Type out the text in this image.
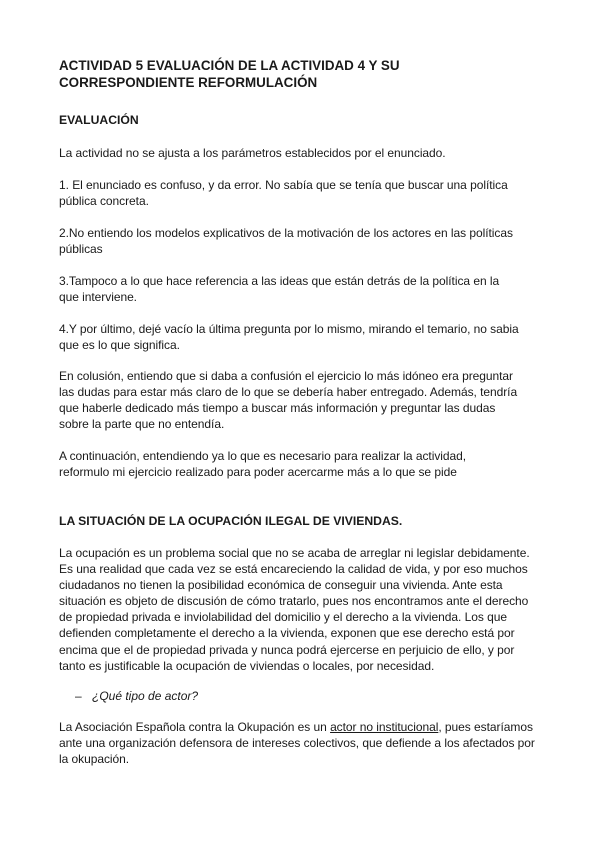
ACTIVIDAD 5 EVALUACIÓN DE LA ACTIVIDAD 4 Y SU
CORRESPONDIENTE REFORMULACIÓN
EVALUACIÓN

La actividad no se ajusta a los parámetros establecidos por el enunciado.

1. El enunciado es confuso, y da error. No sabía que se tenía que buscar una política
pública concreta.

2.No entiendo los modelos explicativos de la motivación de los actores en las políticas
públicas

3.Tampoco a lo que hace referencia a las ideas que están detrás de la política en la
que interviene.

4.Y por último, dejé vacío la última pregunta por lo mismo, mirando el temario, no sabia
que es lo que significa.

En colusión, entiendo que si daba a confusión el ejercicio lo más idóneo era preguntar
las dudas para estar más claro de lo que se debería haber entregado. Además, tendría
que haberle dedicado más tiempo a buscar más información y preguntar las dudas
sobre la parte que no entendía.

A continuación, entendiendo ya lo que es necesario para realizar la actividad,
reformulo mi ejercicio realizado para poder acercarme más a lo que se pide

LA SITUACIÓN DE LA OCUPACIÓN ILEGAL DE VIVIENDAS.

La ocupación es un problema social que no se acaba de arreglar ni legislar debidamente.
Es una realidad que cada vez se está encareciendo la calidad de vida, y por eso muchos
ciudadanos no tienen la posibilidad económica de conseguir una vivienda. Ante esta
situación es objeto de discusión de cómo tratarlo, pues nos encontramos ante el derecho
de propiedad privada e inviolabilidad del domicilio y el derecho a la vivienda. Los que
defienden completamente el derecho a la vivienda, exponen que ese derecho está por
encima que el de propiedad privada y nunca podrá ejercerse en perjuicio de ello, y por
tanto es justificable la ocupación de viviendas o locales, por necesidad.

– ¿Qué tipo de actor?

La Asociación Española contra la Okupación es un actor no institucional, pues estaríamos
ante una organización defensora de intereses colectivos, que defiende a los afectados por
la okupación.
